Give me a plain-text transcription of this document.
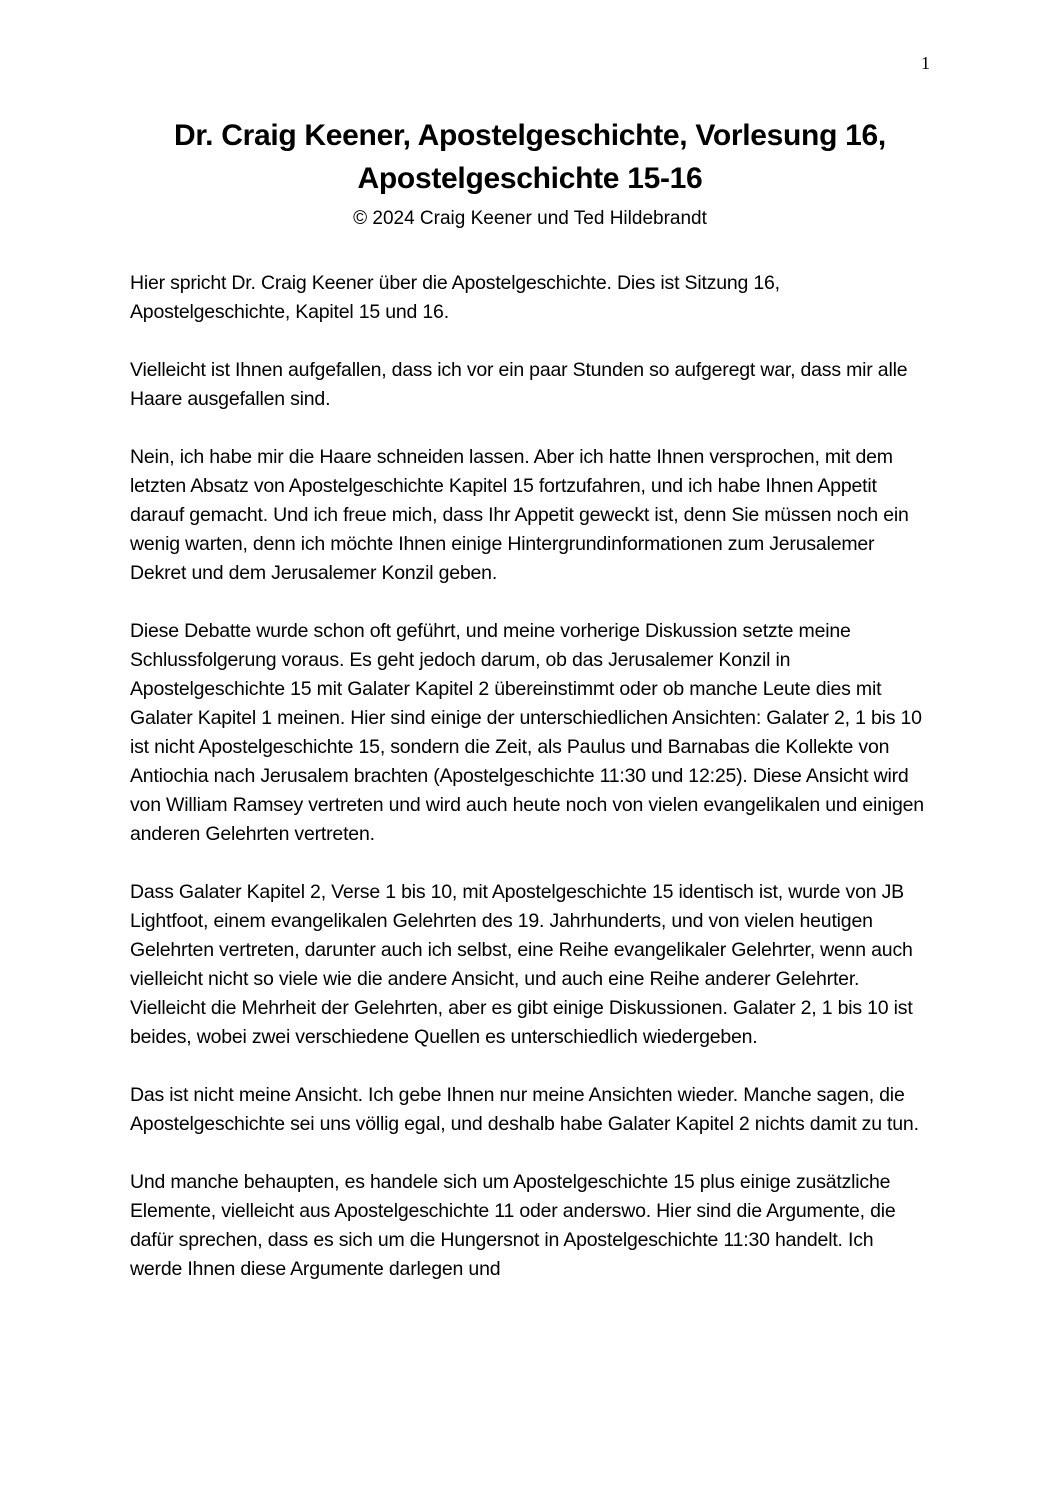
1
Dr. Craig Keener, Apostelgeschichte, Vorlesung 16,
Apostelgeschichte 15-16
© 2024 Craig Keener und Ted Hildebrandt

Hier spricht Dr. Craig Keener über die Apostelgeschichte. Dies ist Sitzung 16, Apostelgeschichte, Kapitel 15 und 16.

Vielleicht ist Ihnen aufgefallen, dass ich vor ein paar Stunden so aufgeregt war, dass mir alle Haare ausgefallen sind.

Nein, ich habe mir die Haare schneiden lassen. Aber ich hatte Ihnen versprochen, mit dem letzten Absatz von Apostelgeschichte Kapitel 15 fortzufahren, und ich habe Ihnen Appetit darauf gemacht. Und ich freue mich, dass Ihr Appetit geweckt ist, denn Sie müssen noch ein wenig warten, denn ich möchte Ihnen einige Hintergrundinformationen zum Jerusalemer Dekret und dem Jerusalemer Konzil geben.

Diese Debatte wurde schon oft geführt, und meine vorherige Diskussion setzte meine Schlussfolgerung voraus. Es geht jedoch darum, ob das Jerusalemer Konzil in Apostelgeschichte 15 mit Galater Kapitel 2 übereinstimmt oder ob manche Leute dies mit Galater Kapitel 1 meinen. Hier sind einige der unterschiedlichen Ansichten: Galater 2, 1 bis 10 ist nicht Apostelgeschichte 15, sondern die Zeit, als Paulus und Barnabas die Kollekte von Antiochia nach Jerusalem brachten (Apostelgeschichte 11:30 und 12:25). Diese Ansicht wird von William Ramsey vertreten und wird auch heute noch von vielen evangelikalen und einigen anderen Gelehrten vertreten.

Dass Galater Kapitel 2, Verse 1 bis 10, mit Apostelgeschichte 15 identisch ist, wurde von JB Lightfoot, einem evangelikalen Gelehrten des 19. Jahrhunderts, und von vielen heutigen Gelehrten vertreten, darunter auch ich selbst, eine Reihe evangelikaler Gelehrter, wenn auch vielleicht nicht so viele wie die andere Ansicht, und auch eine Reihe anderer Gelehrter. Vielleicht die Mehrheit der Gelehrten, aber es gibt einige Diskussionen. Galater 2, 1 bis 10 ist beides, wobei zwei verschiedene Quellen es unterschiedlich wiedergeben.

Das ist nicht meine Ansicht. Ich gebe Ihnen nur meine Ansichten wieder. Manche sagen, die Apostelgeschichte sei uns völlig egal, und deshalb habe Galater Kapitel 2 nichts damit zu tun.

Und manche behaupten, es handele sich um Apostelgeschichte 15 plus einige zusätzliche Elemente, vielleicht aus Apostelgeschichte 11 oder anderswo. Hier sind die Argumente, die dafür sprechen, dass es sich um die Hungersnot in Apostelgeschichte 11:30 handelt. Ich werde Ihnen diese Argumente darlegen und
